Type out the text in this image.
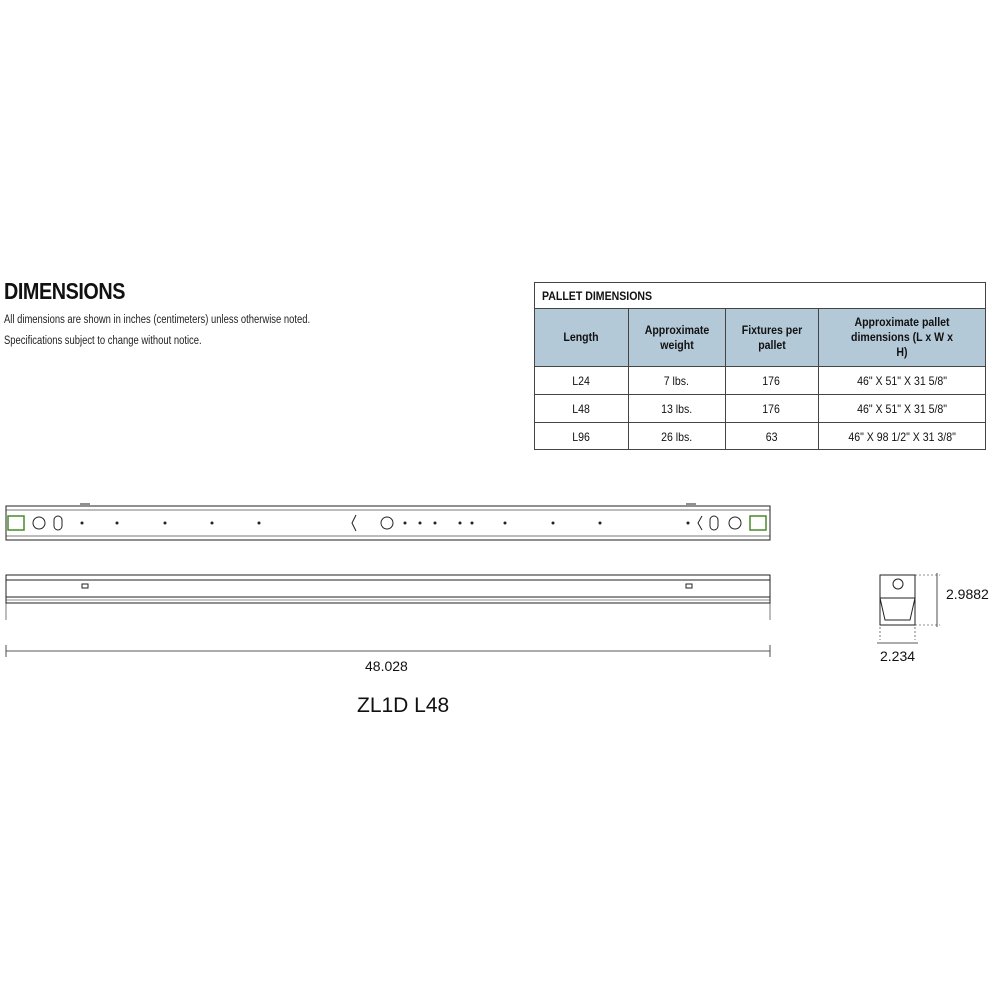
DIMENSIONS
All dimensions are shown in inches (centimeters) unless otherwise noted.
Specifications subject to change without notice.
PALLET DIMENSIONS
Length	Approximate weight	Fixtures per pallet	Approximate pallet dimensions (L x W x H)
L24	7 lbs.	176	46" X 51" X 31 5/8"
L48	13 lbs.	176	46" X 51" X 31 5/8"
L96	26 lbs.	63	46" X 98 1/2" X 31 3/8"
48.028
2.9882
2.234
ZL1D L48
